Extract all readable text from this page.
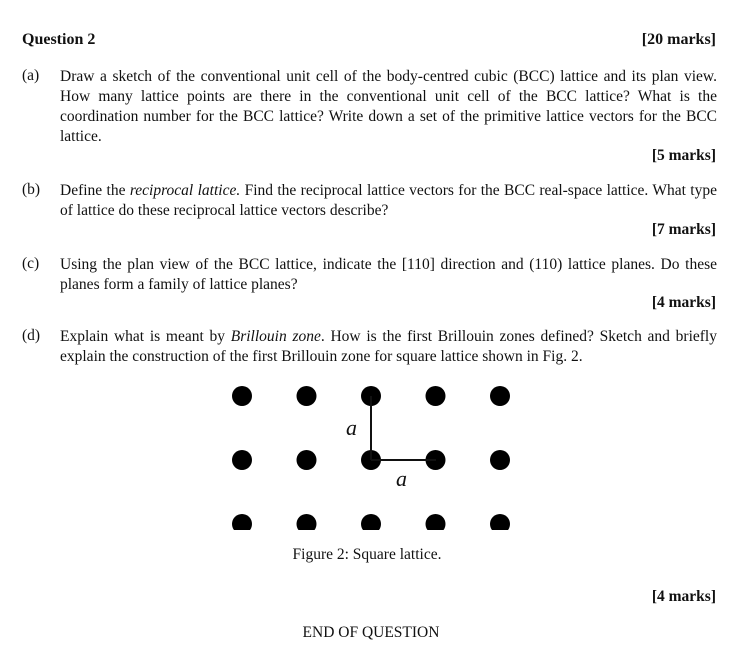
Question 2	[20 marks]
(a)	Draw a sketch of the conventional unit cell of the body-centred cubic (BCC) lattice and its plan view. How many lattice points are there in the conventional unit cell of the BCC lattice? What is the coordination number for the BCC lattice? Write down a set of the primitive lattice vectors for the BCC lattice.
[5 marks]
(b)	Define the reciprocal lattice. Find the reciprocal lattice vectors for the BCC real-space lattice. What type of lattice do these reciprocal lattice vectors describe?
[7 marks]
(c)	Using the plan view of the BCC lattice, indicate the [110] direction and (110) lattice planes. Do these planes form a family of lattice planes?
[4 marks]
(d)	Explain what is meant by Brillouin zone. How is the first Brillouin zones defined? Sketch and briefly explain the construction of the first Brillouin zone for square lattice shown in Fig. 2.
a
a
Figure 2: Square lattice.
[4 marks]
END OF QUESTION
